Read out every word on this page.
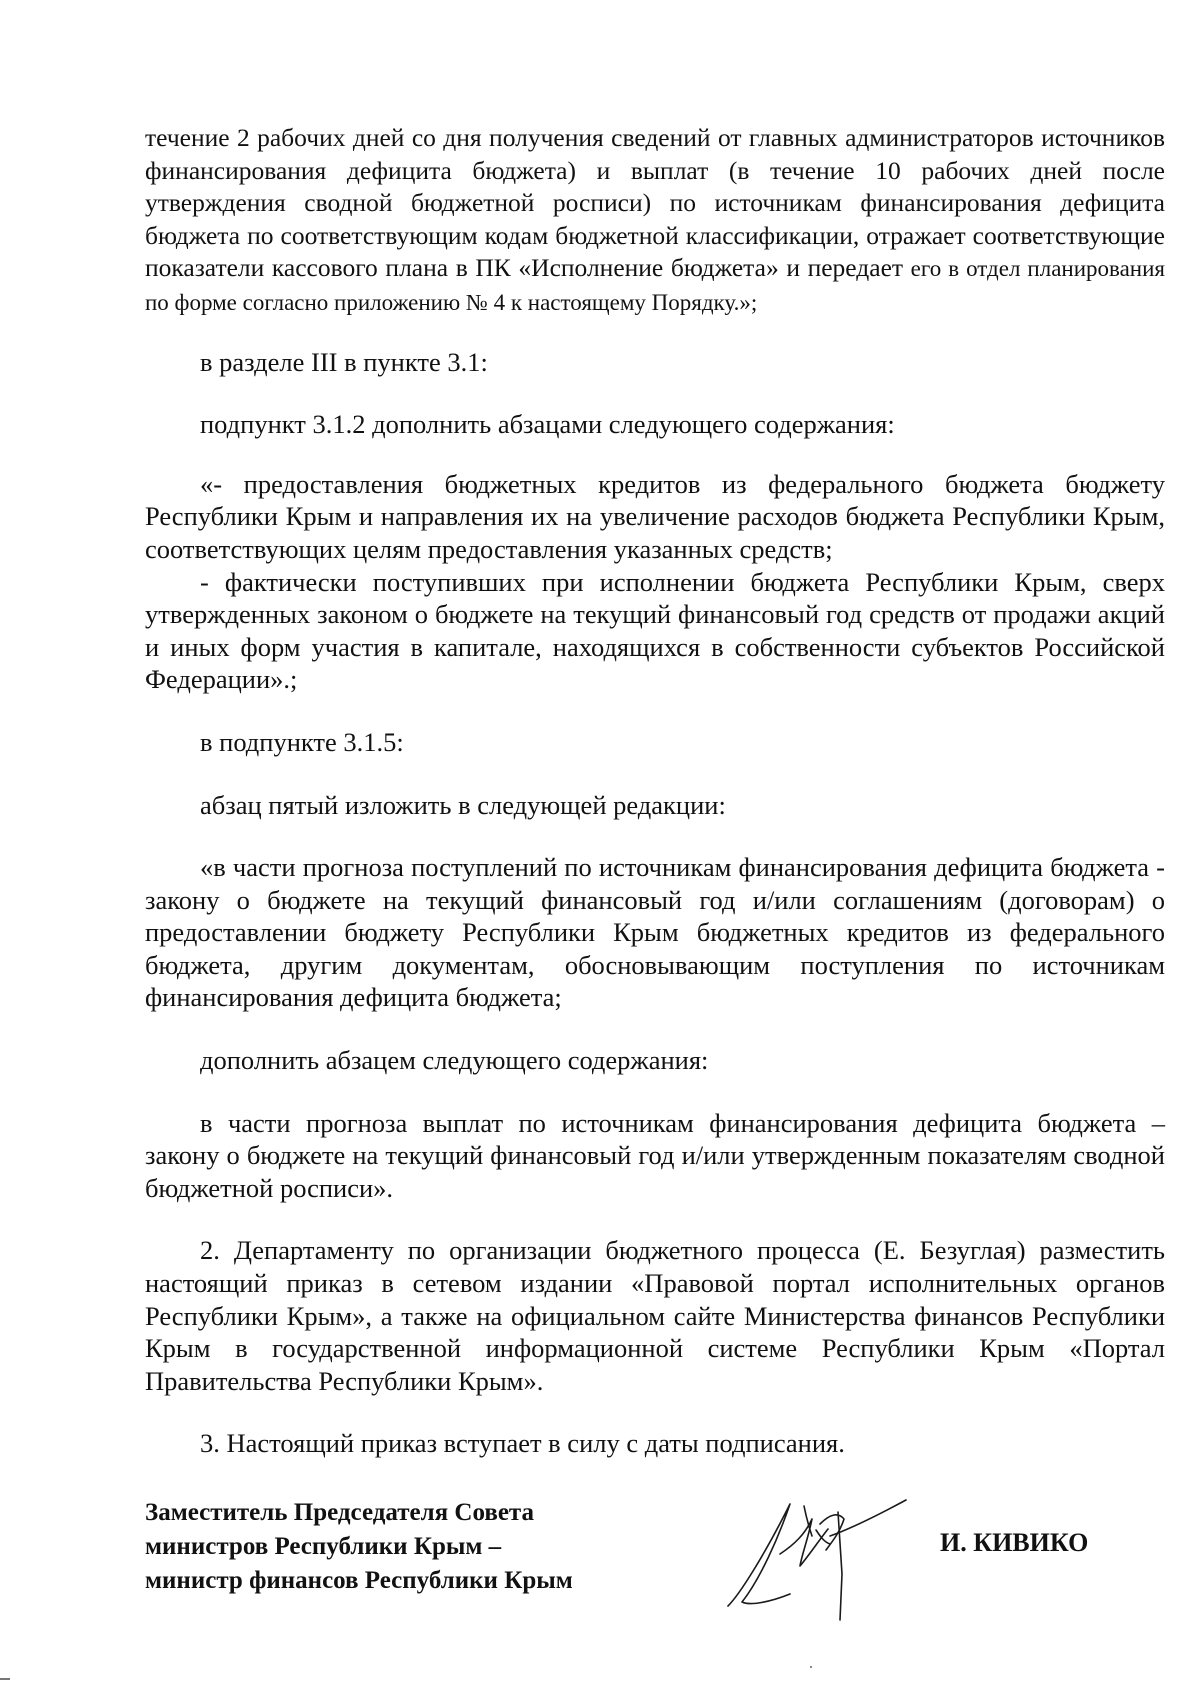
течение 2 рабочих дней со дня получения сведений от главных администраторов источников финансирования дефицита бюджета) и выплат (в течение 10 рабочих дней после утверждения сводной бюджетной росписи) по источникам финансирования дефицита бюджета по соответствующим кодам бюджетной классификации, отражает соответствующие показатели кассового плана в ПК «Исполнение бюджета» и передает его в отдел планирования по форме согласно приложению № 4 к настоящему Порядку.»;

в разделе III в пункте 3.1:

подпункт 3.1.2 дополнить абзацами следующего содержания:

«- предоставления бюджетных кредитов из федерального бюджета бюджету Республики Крым и направления их на увеличение расходов бюджета Республики Крым, соответствующих целям предоставления указанных средств;

- фактически поступивших при исполнении бюджета Республики Крым, сверх утвержденных законом о бюджете на текущий финансовый год средств от продажи акций и иных форм участия в капитале, находящихся в собственности субъектов Российской Федерации».;

в подпункте 3.1.5:

абзац пятый изложить в следующей редакции:

«в части прогноза поступлений по источникам финансирования дефицита бюджета - закону о бюджете на текущий финансовый год и/или соглашениям (договорам) о предоставлении бюджету Республики Крым бюджетных кредитов из федерального бюджета, другим документам, обосновывающим поступления по источникам финансирования дефицита бюджета;

дополнить абзацем следующего содержания:

в части прогноза выплат по источникам финансирования дефицита бюджета – закону о бюджете на текущий финансовый год и/или утвержденным показателям сводной бюджетной росписи».

2. Департаменту по организации бюджетного процесса (Е. Безуглая) разместить настоящий приказ в сетевом издании «Правовой портал исполнительных органов Республики Крым», а также на официальном сайте Министерства финансов Республики Крым в государственной информационной системе Республики Крым «Портал Правительства Республики Крым».

3. Настоящий приказ вступает в силу с даты подписания.

Заместитель Председателя Совета
министров Республики Крым –
министр финансов Республики Крым
И. КИВИКО
